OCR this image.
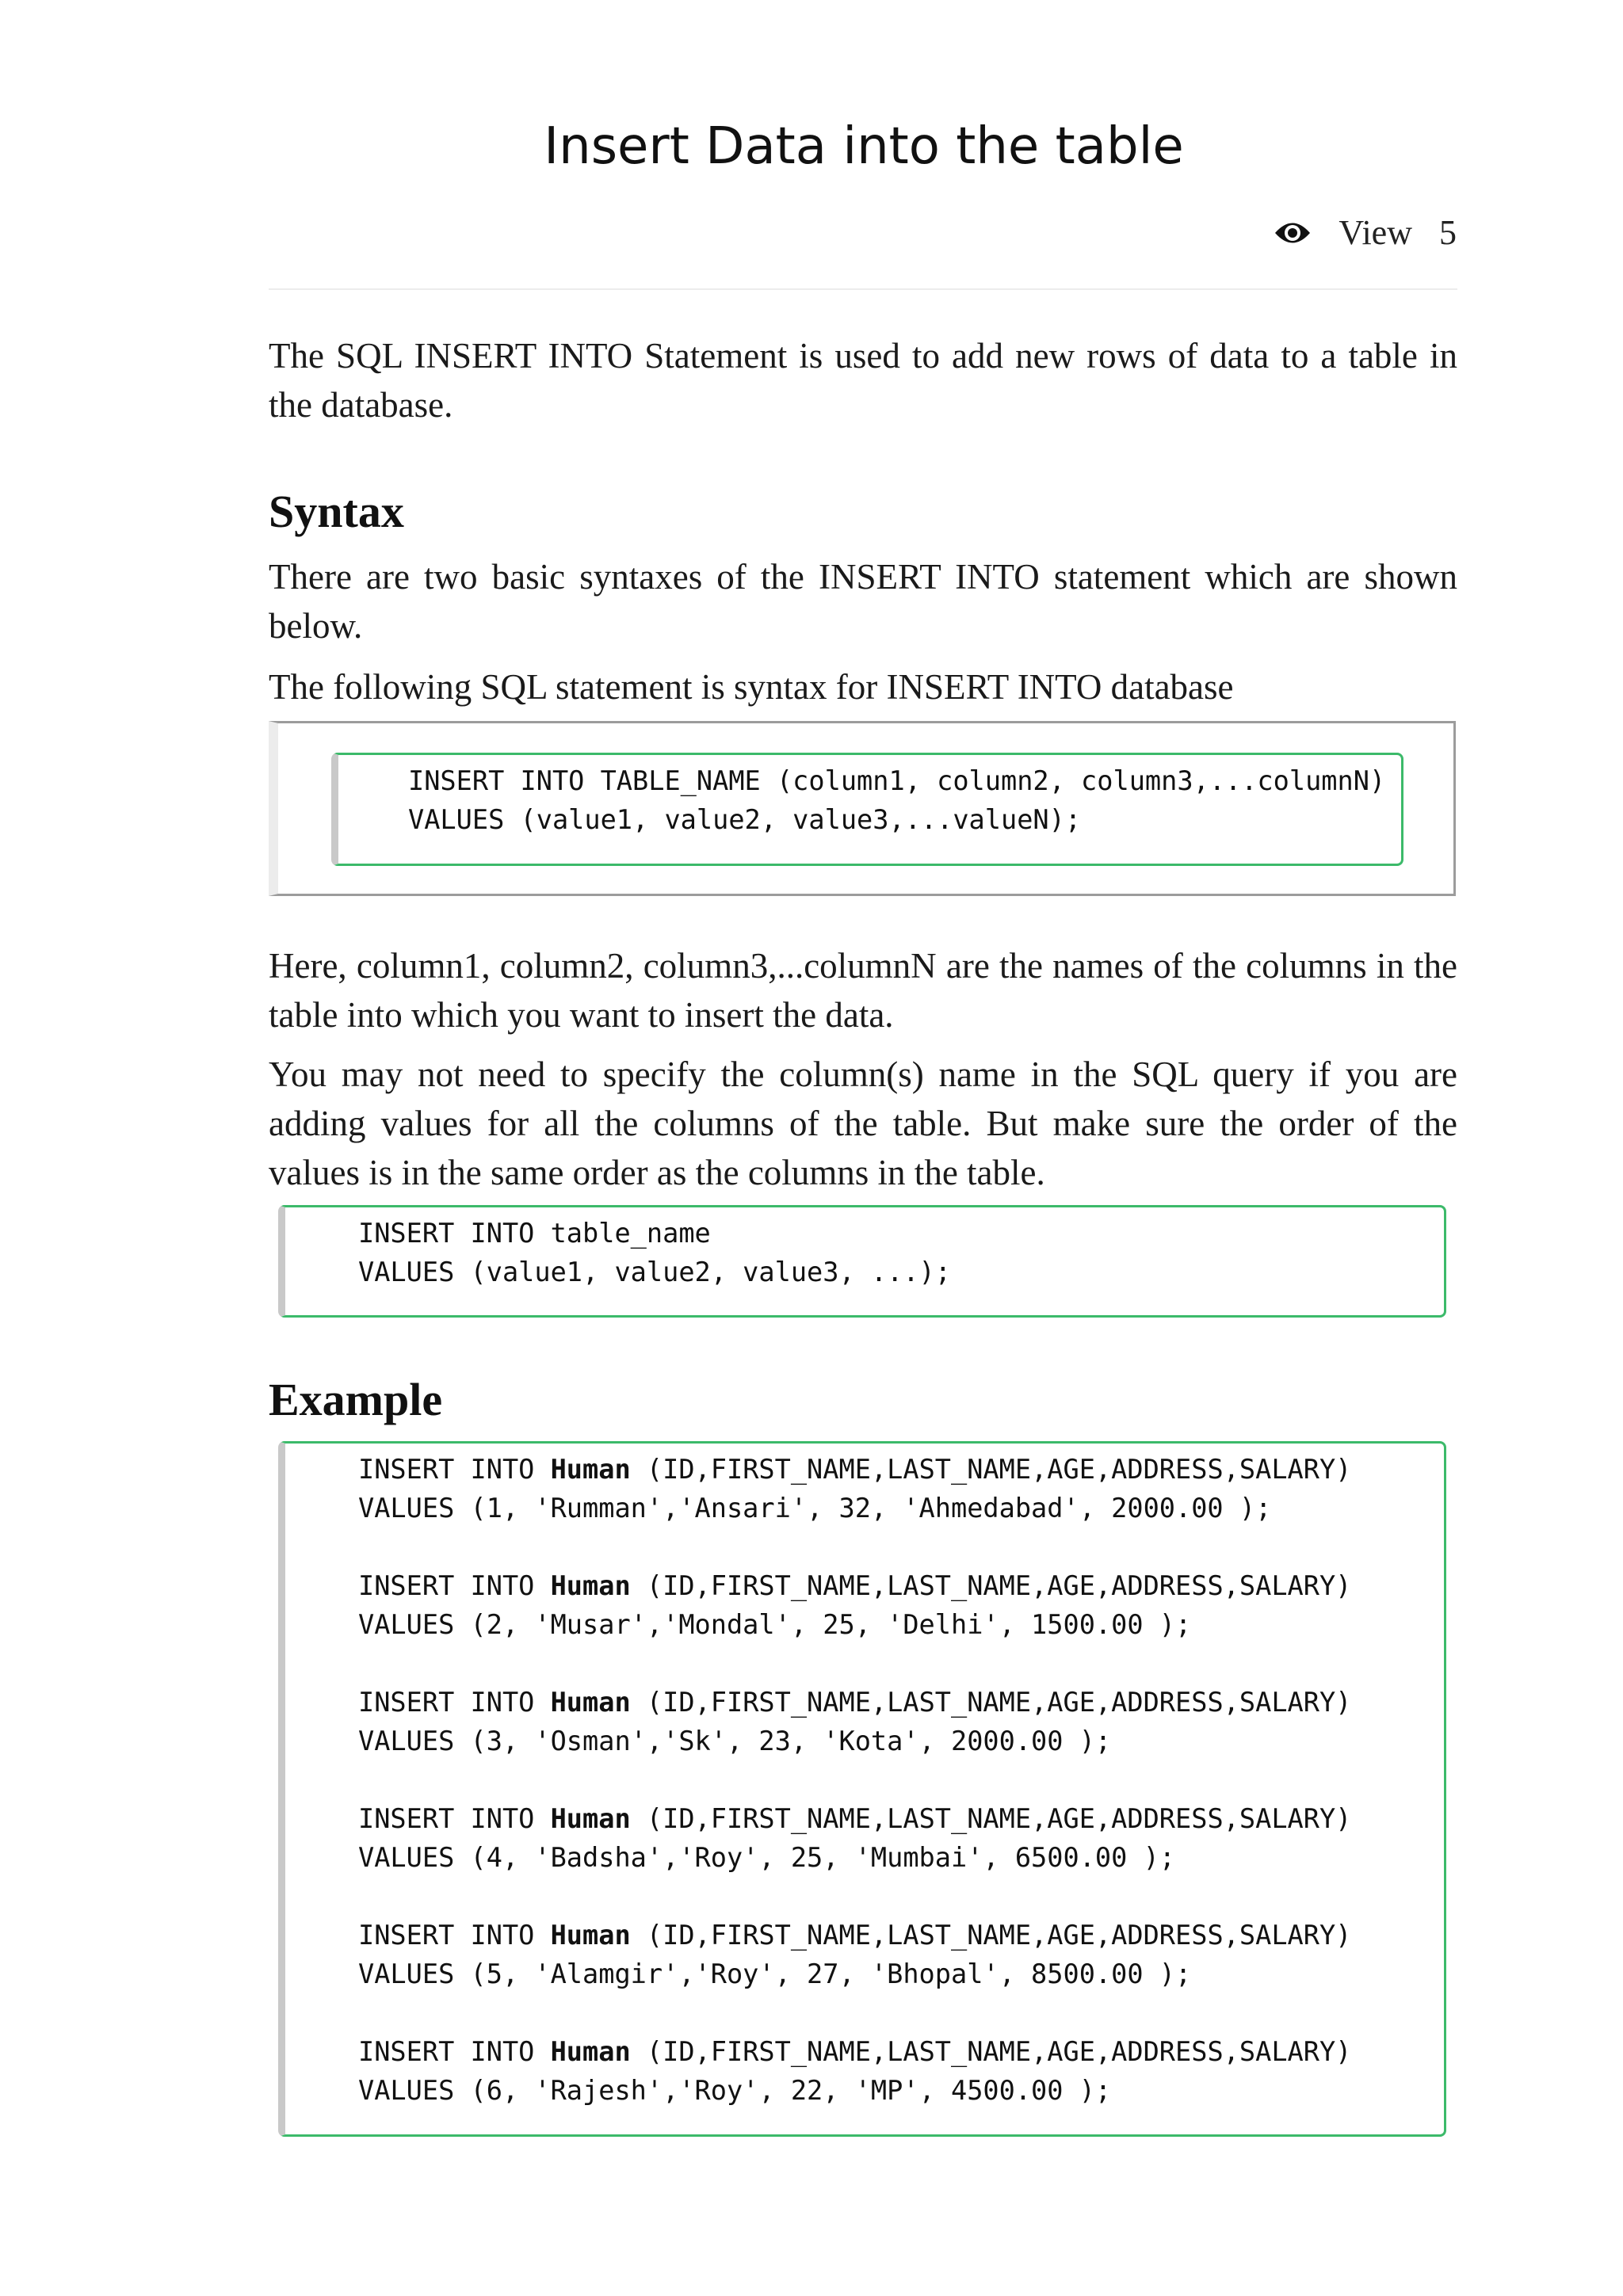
Insert Data into the table
View 5

The SQL INSERT INTO Statement is used to add new rows of data to a table in the database.

Syntax

There are two basic syntaxes of the INSERT INTO statement which are shown below.

The following SQL statement is syntax for INSERT INTO database

INSERT INTO TABLE_NAME (column1, column2, column3,...columnN)

VALUES (value1, value2, value3,...valueN);

Here, column1, column2, column3,...columnN are the names of the columns in the table into which you want to insert the data.

You may not need to specify the column(s) name in the SQL query if you are adding values for all the columns of the table. But make sure the order of the values is in the same order as the columns in the table.

INSERT INTO table_name

VALUES (value1, value2, value3, ...);

Example

INSERT INTO Human (ID,FIRST_NAME,LAST_NAME,AGE,ADDRESS,SALARY)

VALUES (1, 'Rumman','Ansari', 32, 'Ahmedabad', 2000.00 );

INSERT INTO Human (ID,FIRST_NAME,LAST_NAME,AGE,ADDRESS,SALARY)

VALUES (2, 'Musar','Mondal', 25, 'Delhi', 1500.00 );

INSERT INTO Human (ID,FIRST_NAME,LAST_NAME,AGE,ADDRESS,SALARY)

VALUES (3, 'Osman','Sk', 23, 'Kota', 2000.00 );

INSERT INTO Human (ID,FIRST_NAME,LAST_NAME,AGE,ADDRESS,SALARY)

VALUES (4, 'Badsha','Roy', 25, 'Mumbai', 6500.00 );

INSERT INTO Human (ID,FIRST_NAME,LAST_NAME,AGE,ADDRESS,SALARY)

VALUES (5, 'Alamgir','Roy', 27, 'Bhopal', 8500.00 );

INSERT INTO Human (ID,FIRST_NAME,LAST_NAME,AGE,ADDRESS,SALARY)

VALUES (6, 'Rajesh','Roy', 22, 'MP', 4500.00 );
